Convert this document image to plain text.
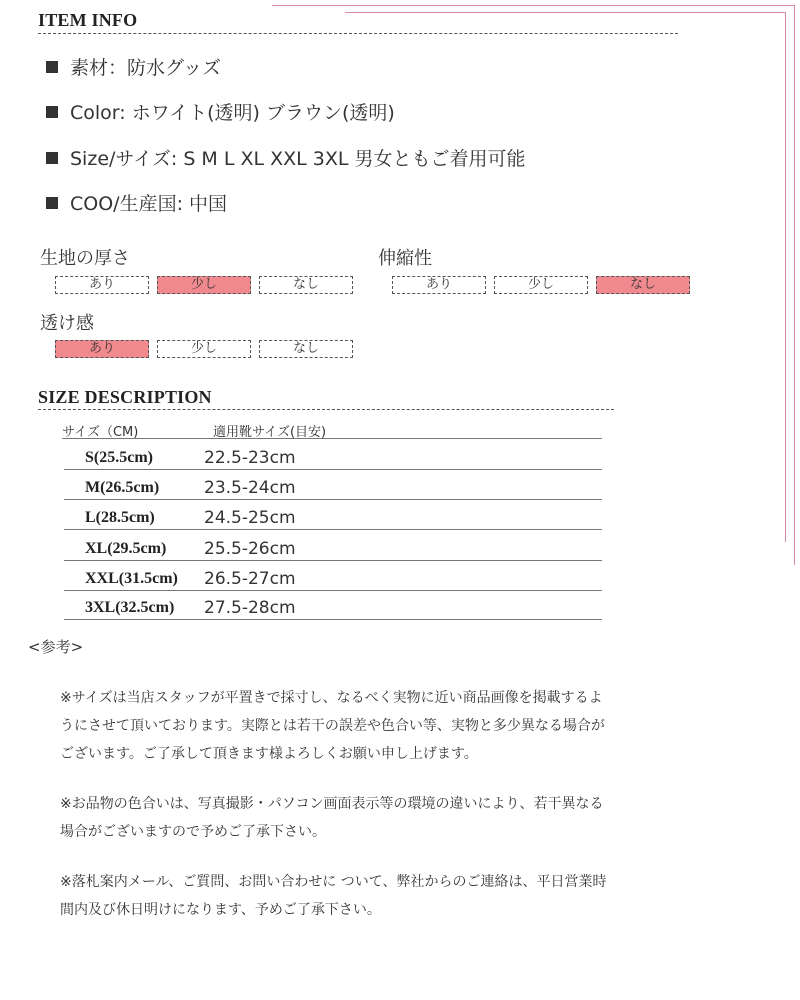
ITEM INFO
素材：防水グッズ
Color: ホワイト(透明) ブラウン(透明)
Size/サイズ: S M L XL XXL 3XL 男女ともご着用可能
COO/生産国: 中国
生地の厚さ
あり	少し	なし
伸縮性
あり	少し	なし
透け感
あり	少し	なし
SIZE DESCRIPTION
サイズ（CM)	適用靴サイズ(目安)
S(25.5cm)	22.5-23cm
M(26.5cm)	23.5-24cm
L(28.5cm)	24.5-25cm
XL(29.5cm) 25.5-26cm
XXL(31.5cm) 26.5-27cm
3XL(32.5cm) 27.5-28cm
<参考>

※サイズは当店スタッフが平置きで採寸し、なるべく実物に近い商品画像を掲載するよ

うにさせて頂いております。実際とは若干の誤差や色合い等、実物と多少異なる場合が

ございます。ご了承して頂きます様よろしくお願い申し上げます。

※お品物の色合いは、写真撮影・パソコン画面表示等の環境の違いにより、若干異なる

場合がございますので予めご了承下さい。

※落札案内メール、ご質問、お問い合わせに ついて、弊社からのご連絡は、平日営業時

間内及び休日明けになります、予めご了承下さい。
